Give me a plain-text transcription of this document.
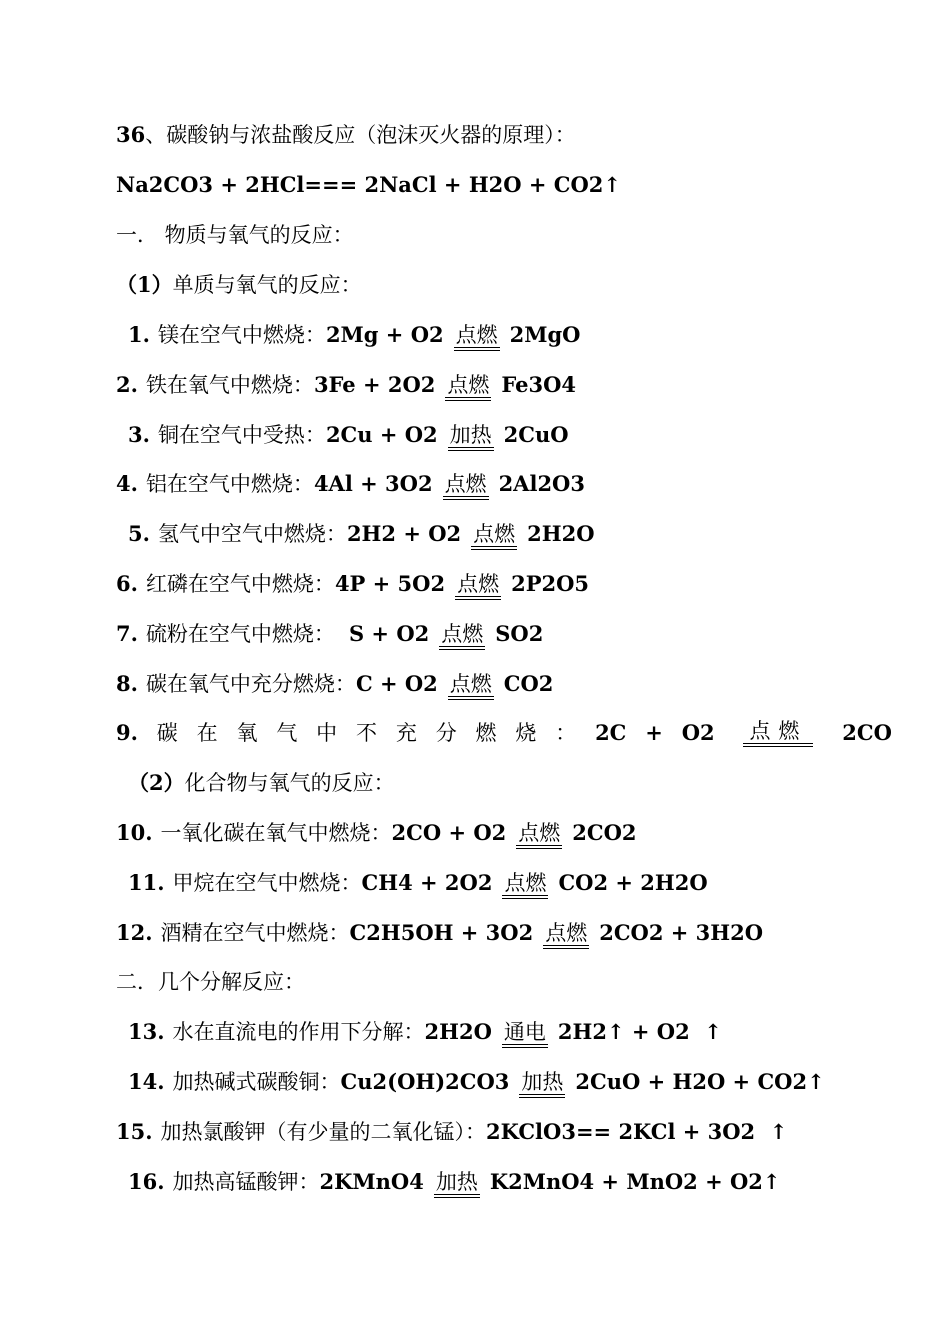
36、碳酸钠与浓盐酸反应（泡沫灭火器的原理）：
Na2CO3 + 2HCl=== 2NaCl + H2O + CO2↑
一． 物质与氧气的反应：
（1）单质与氧气的反应：
1. 镁在空气中燃烧：2Mg + O2 点燃 2MgO
2. 铁在氧气中燃烧：3Fe + 2O2 点燃 Fe3O4
3. 铜在空气中受热：2Cu + O2 加热 2CuO
4. 铝在空气中燃烧：4Al + 3O2 点燃 2Al2O3
5. 氢气中空气中燃烧：2H2 + O2 点燃 2H2O
6. 红磷在空气中燃烧：4P + 5O2 点燃 2P2O5
7. 硫粉在空气中燃烧： S + O2 点燃 SO2
8. 碳在氧气中充分燃烧：C + O2 点燃 CO2
9. 碳 在 氧 气 中 不 充 分 燃 烧 ： 2C + O2 点燃 2CO
（2）化合物与氧气的反应：
10. 一氧化碳在氧气中燃烧：2CO + O2 点燃 2CO2
11. 甲烷在空气中燃烧：CH4 + 2O2 点燃 CO2 + 2H2O
12. 酒精在空气中燃烧：C2H5OH + 3O2 点燃 2CO2 + 3H2O
二．几个分解反应：
13. 水在直流电的作用下分解：2H2O 通电 2H2↑ + O2  ↑
14. 加热碱式碳酸铜：Cu2(OH)2CO3 加热 2CuO + H2O + CO2↑
15. 加热氯酸钾（有少量的二氧化锰）：2KClO3== 2KCl + 3O2  ↑
16. 加热高锰酸钾：2KMnO4 加热 K2MnO4 + MnO2 + O2↑
